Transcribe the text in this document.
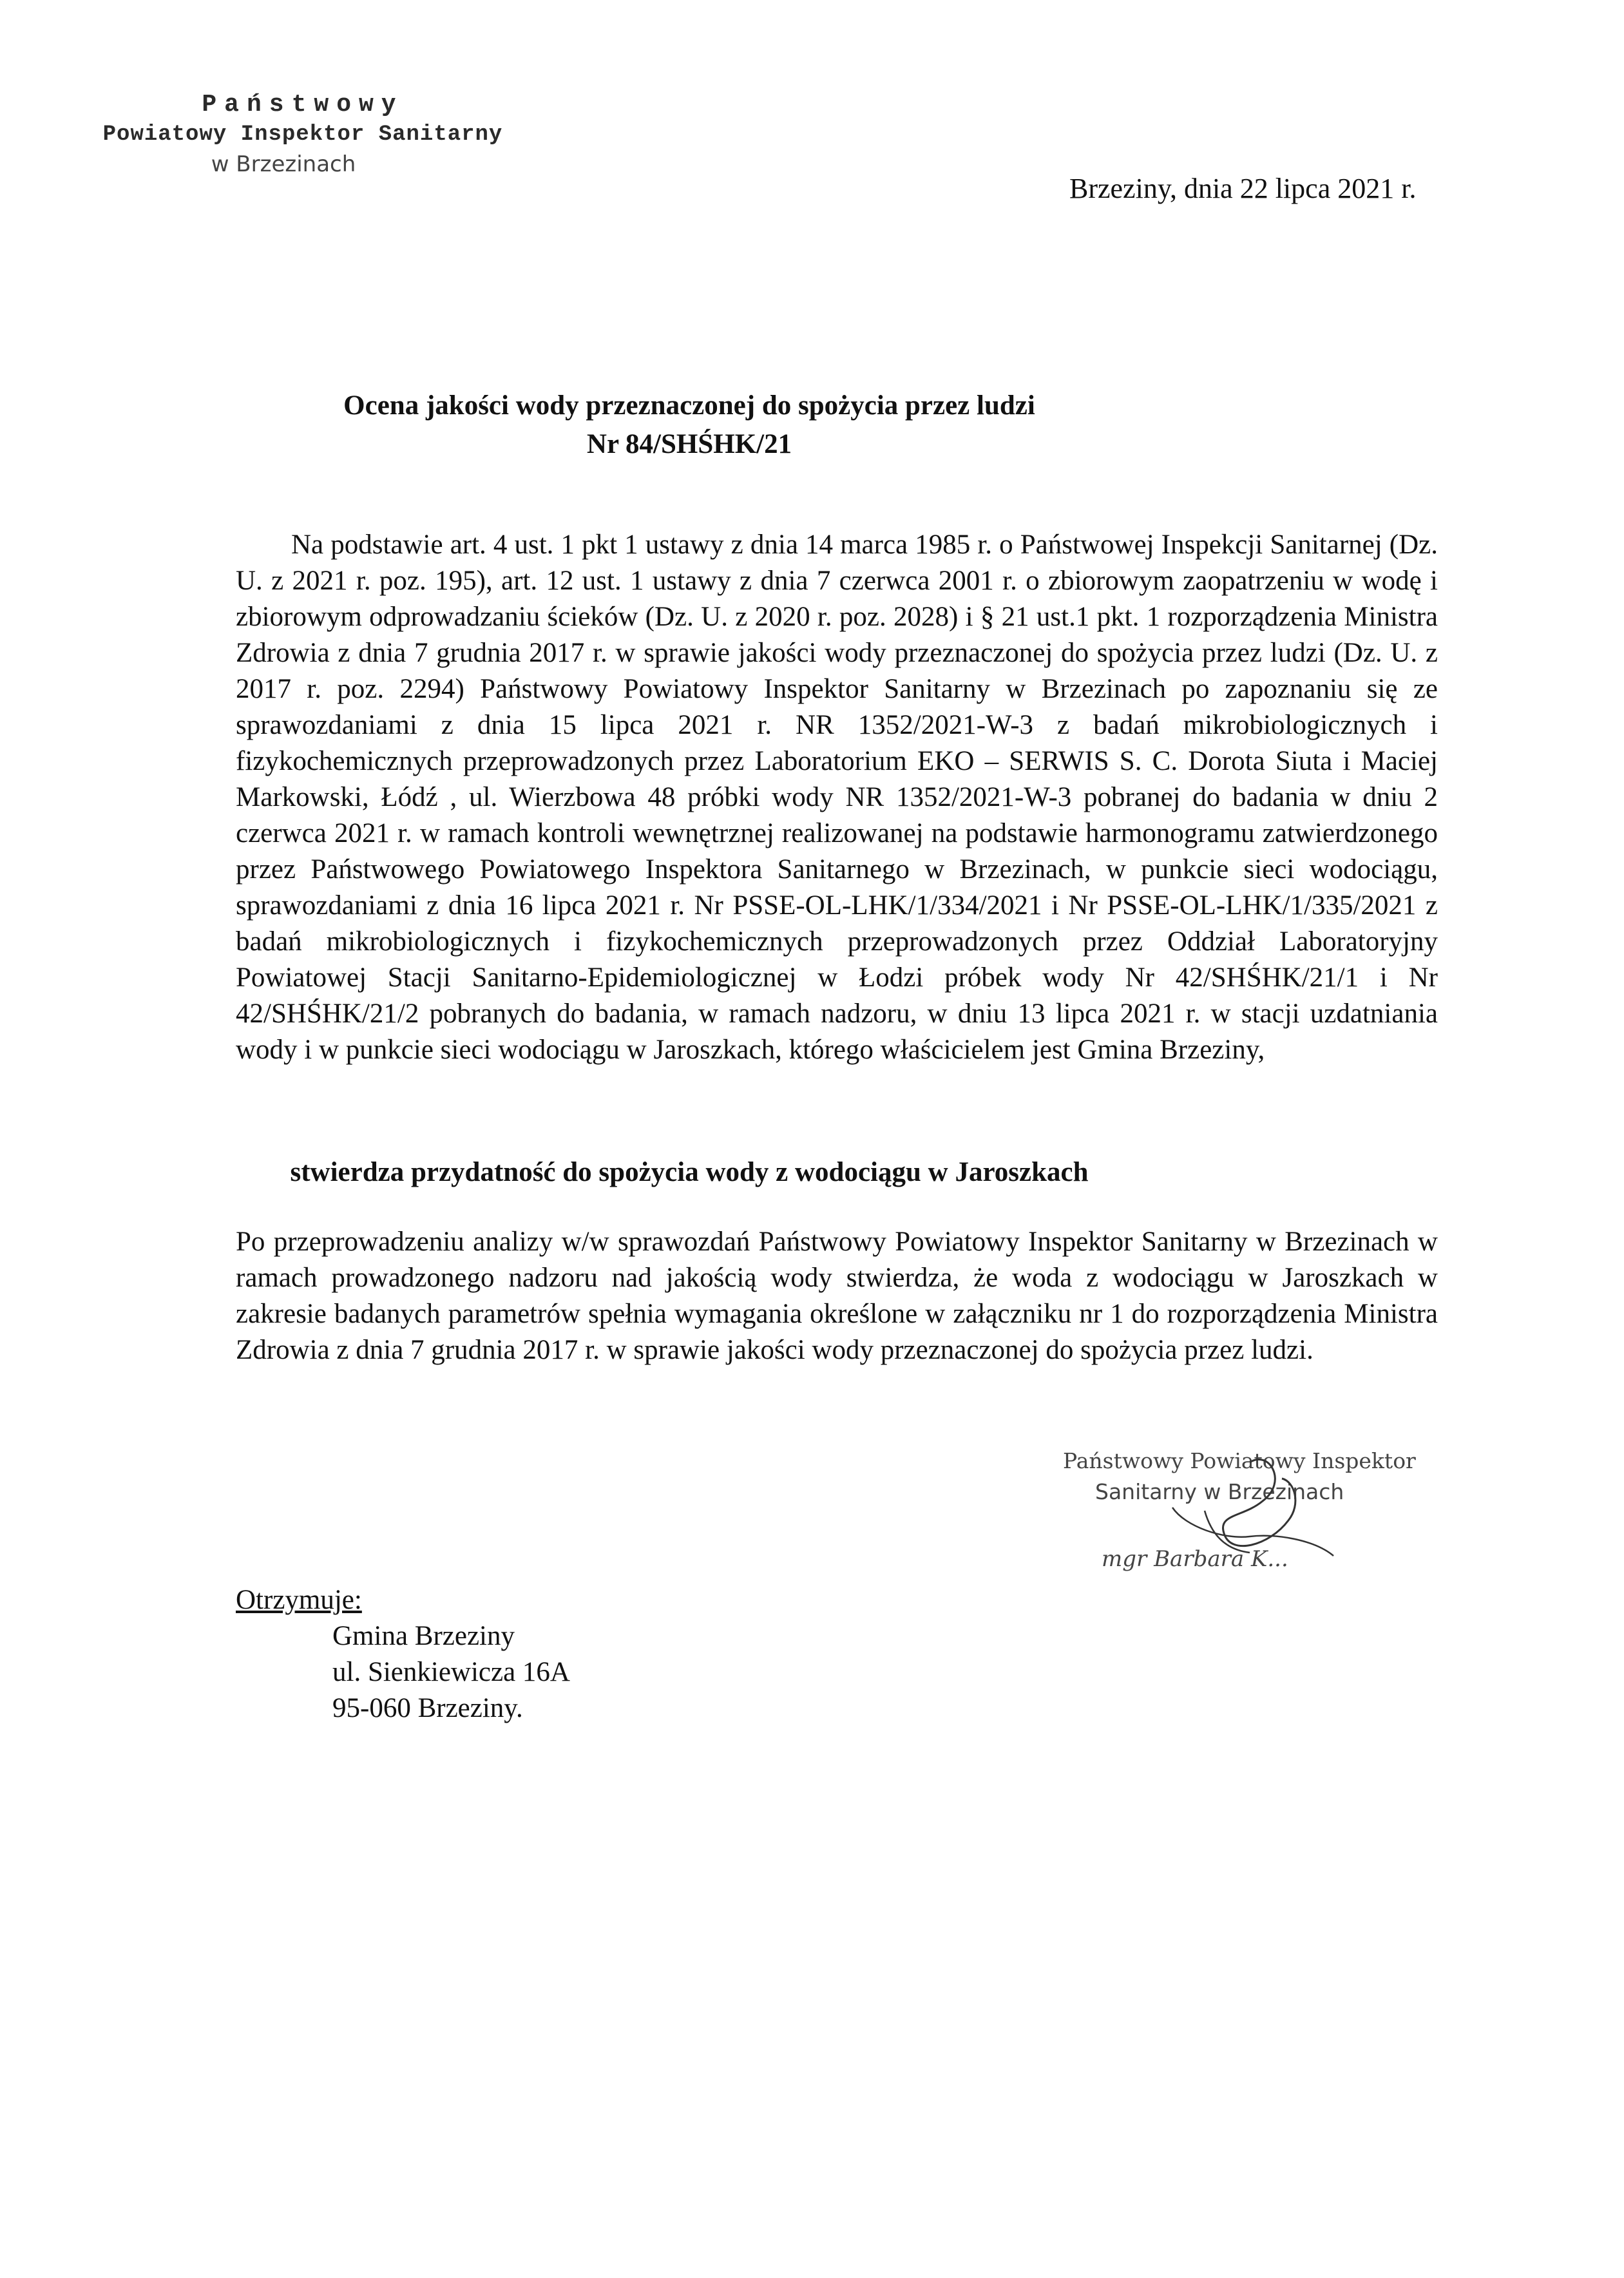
Państwowy
Powiatowy Inspektor Sanitarny
w Brzezinach
Brzeziny, dnia 22 lipca 2021 r.
Ocena jakości wody przeznaczonej do spożycia przez ludzi
Nr 84/SHŚHK/21
Na podstawie art. 4 ust. 1 pkt 1 ustawy z dnia 14 marca 1985 r. o Państwowej Inspekcji Sanitarnej (Dz. U. z 2021 r. poz. 195), art. 12 ust. 1 ustawy z dnia 7 czerwca 2001 r. o zbiorowym zaopatrzeniu w wodę i zbiorowym odprowadzaniu ścieków (Dz. U. z 2020 r. poz. 2028) i § 21 ust.1 pkt. 1 rozporządzenia Ministra Zdrowia z dnia 7 grudnia 2017 r. w sprawie jakości wody przeznaczonej do spożycia przez ludzi (Dz. U. z 2017 r. poz. 2294) Państwowy Powiatowy Inspektor Sanitarny w Brzezinach po zapoznaniu się ze sprawozdaniami z dnia 15 lipca 2021 r. NR 1352/2021-W-3 z badań mikrobiologicznych i fizykochemicznych przeprowadzonych przez Laboratorium EKO – SERWIS S. C. Dorota Siuta i Maciej Markowski, Łódź , ul. Wierzbowa 48 próbki wody NR 1352/2021-W-3 pobranej do badania w dniu 2 czerwca 2021 r. w ramach kontroli wewnętrznej realizowanej na podstawie harmonogramu zatwierdzonego przez Państwowego Powiatowego Inspektora Sanitarnego w Brzezinach, w punkcie sieci wodociągu, sprawozdaniami z dnia 16 lipca 2021 r. Nr PSSE-OL-LHK/1/334/2021 i Nr PSSE-OL-LHK/1/335/2021 z badań mikrobiologicznych i fizykochemicznych przeprowadzonych przez Oddział Laboratoryjny Powiatowej Stacji Sanitarno-Epidemiologicznej w Łodzi próbek wody Nr 42/SHŚHK/21/1 i Nr 42/SHŚHK/21/2 pobranych do badania, w ramach nadzoru, w dniu 13 lipca 2021 r. w stacji uzdatniania wody i w punkcie sieci wodociągu w Jaroszkach, którego właścicielem jest Gmina Brzeziny,
stwierdza przydatność do spożycia wody z wodociągu w Jaroszkach
Po przeprowadzeniu analizy w/w sprawozdań Państwowy Powiatowy Inspektor Sanitarny w Brzezinach w ramach prowadzonego nadzoru nad jakością wody stwierdza, że woda z wodociągu w Jaroszkach w zakresie badanych parametrów spełnia wymagania określone w załączniku nr 1 do rozporządzenia Ministra Zdrowia z dnia 7 grudnia 2017 r. w sprawie jakości wody przeznaczonej do spożycia przez ludzi.
Państwowy Powiatowy Inspektor
Sanitarny w Brzezinach
mgr Barbara K...
Otrzymuje:
Gmina Brzeziny
ul. Sienkiewicza 16A
95-060 Brzeziny.
